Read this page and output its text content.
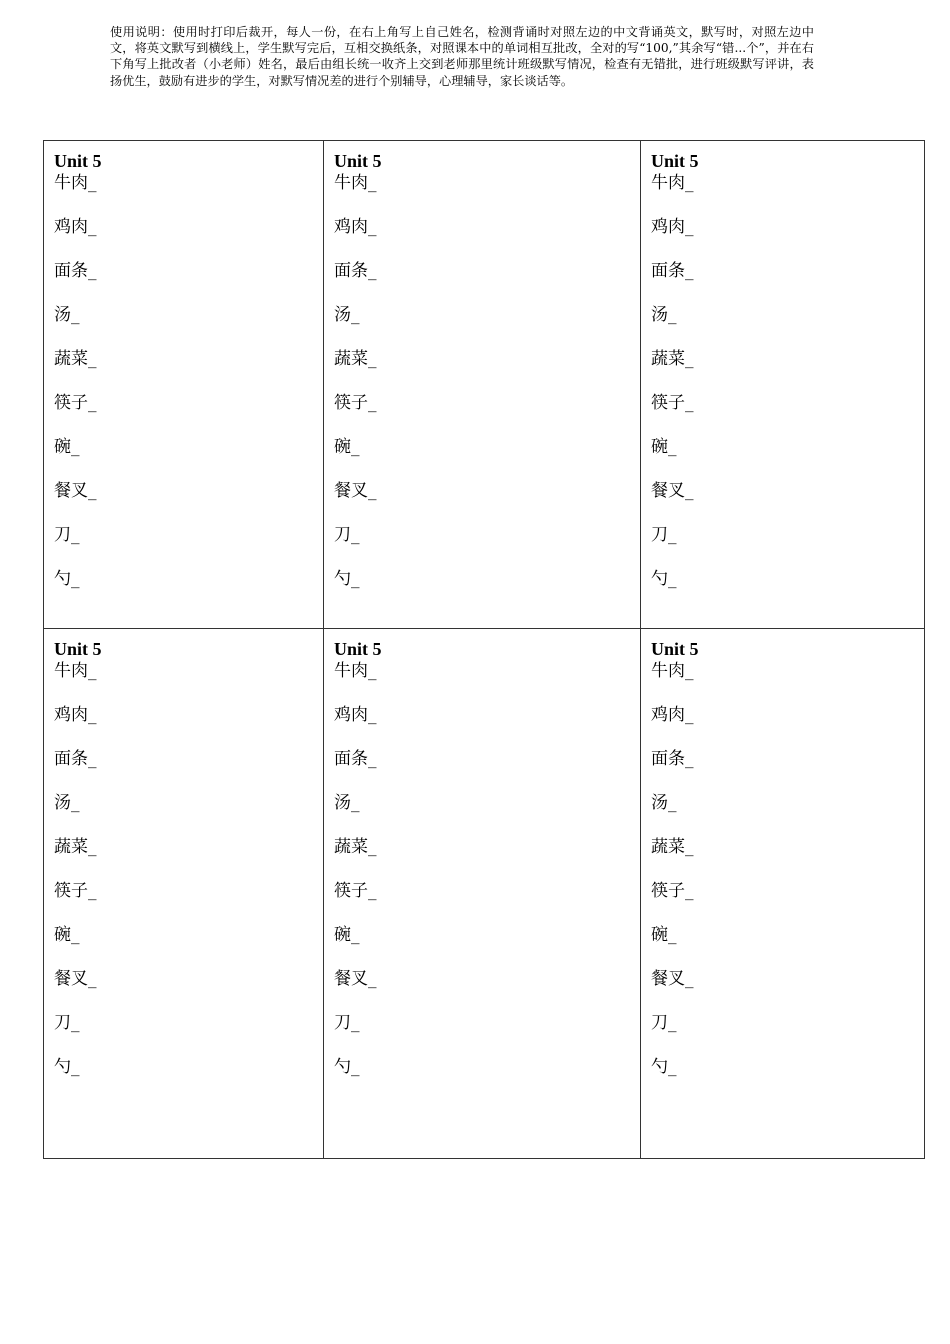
使用说明：使用时打印后裁开，每人一份，在右上角写上自己姓名，检测背诵时对照左边的中文背诵英文，默写时，对照左边中文，将英文默写到横线上，学生默写完后，互相交换纸条，对照课本中的单词相互批改，全对的写“100,”其余写“错...个”，并在右下角写上批改者（小老师）姓名，最后由组长统一收齐上交到老师那里统计班级默写情况，检查有无错批，进行班级默写评讲，表扬优生，鼓励有进步的学生，对默写情况差的进行个别辅导，心理辅导，家长谈话等。
Unit 5
牛肉_
鸡肉_
面条_
汤_
蔬菜_
筷子_
碗_
餐叉_
刀_
勺_
Unit 5
牛肉_
鸡肉_
面条_
汤_
蔬菜_
筷子_
碗_
餐叉_
刀_
勺_
Unit 5
牛肉_
鸡肉_
面条_
汤_
蔬菜_
筷子_
碗_
餐叉_
刀_
勺_
Unit 5
牛肉_
鸡肉_
面条_
汤_
蔬菜_
筷子_
碗_
餐叉_
刀_
勺_
Unit 5
牛肉_
鸡肉_
面条_
汤_
蔬菜_
筷子_
碗_
餐叉_
刀_
勺_
Unit 5
牛肉_
鸡肉_
面条_
汤_
蔬菜_
筷子_
碗_
餐叉_
刀_
勺_
